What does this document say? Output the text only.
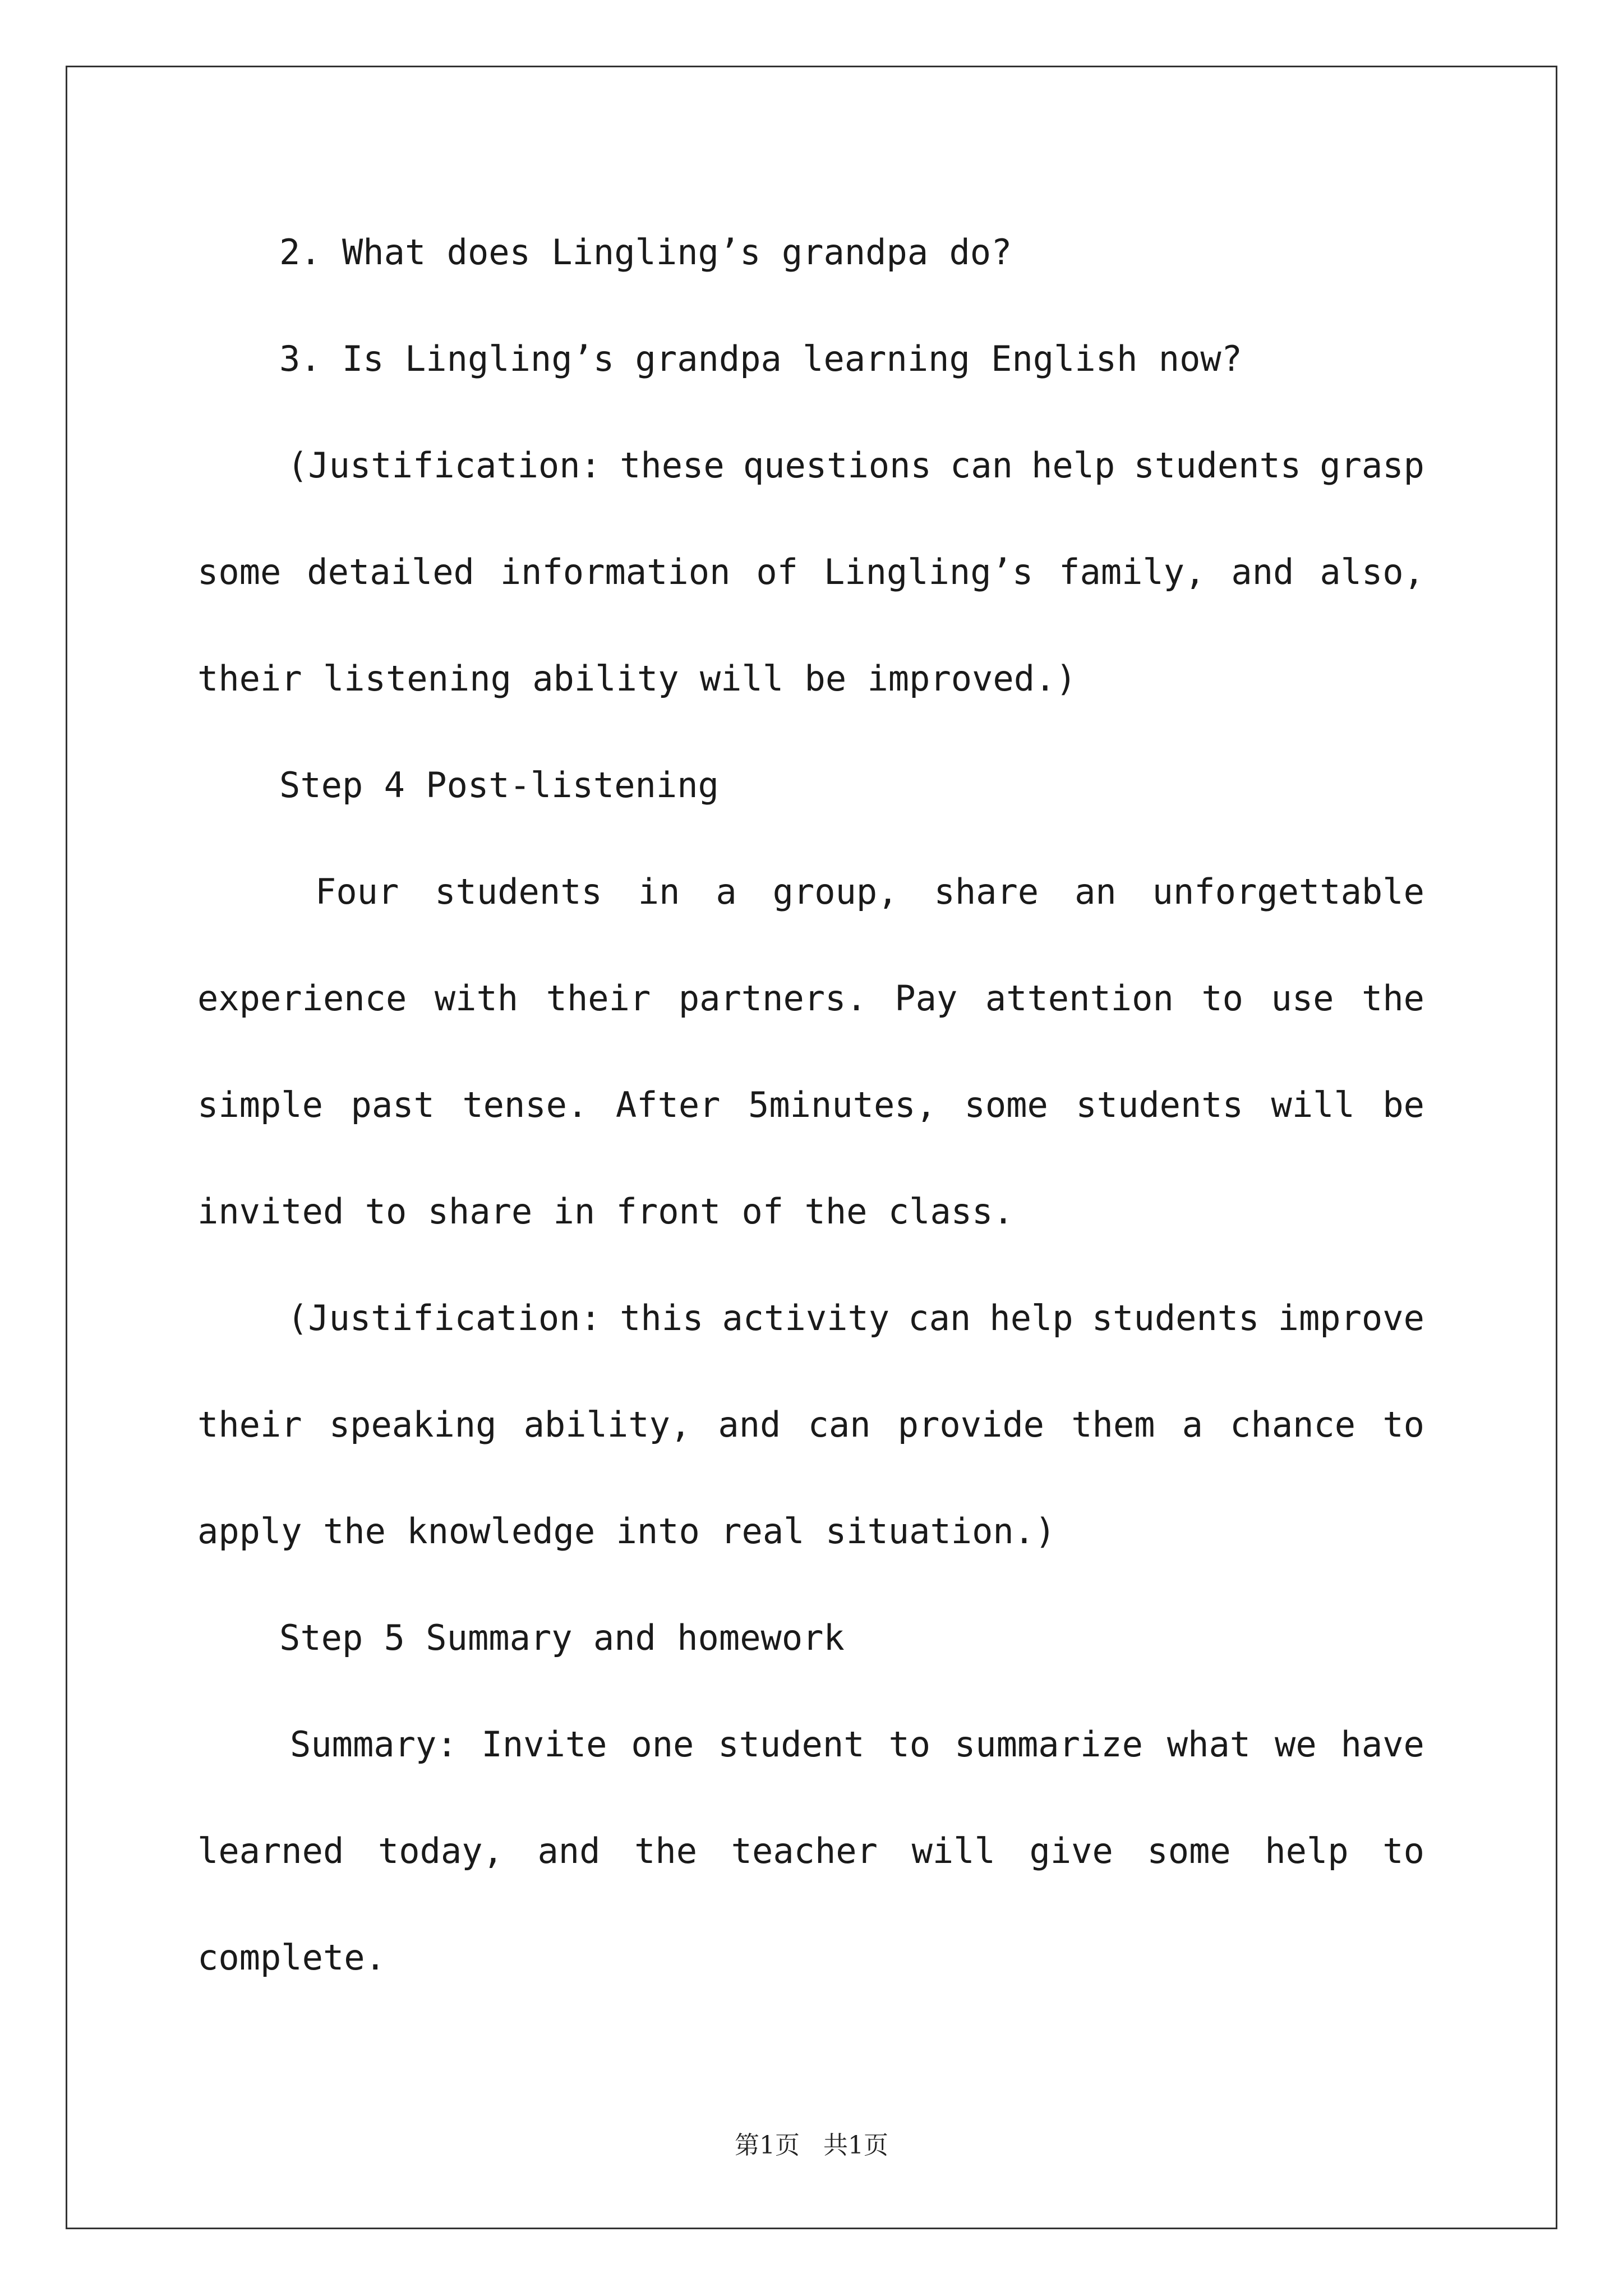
2. What does Lingling’s grandpa do?
3. Is Lingling’s grandpa learning English now?
(Justification: these questions can help students grasp
some detailed information of Lingling’s family, and also,
their listening ability will be improved.)
Step 4 Post-listening
Four students in a group, share an unforgettable
experience with their partners. Pay attention to use the
simple past tense. After 5minutes, some students will be
invited to share in front of the class.
(Justification: this activity can help students improve
their speaking ability, and can provide them a chance to
apply the knowledge into real situation.)
Step 5 Summary and homework
Summary: Invite one student to summarize what we have
learned today, and the teacher will give some help to
complete.
第1页   共1页
